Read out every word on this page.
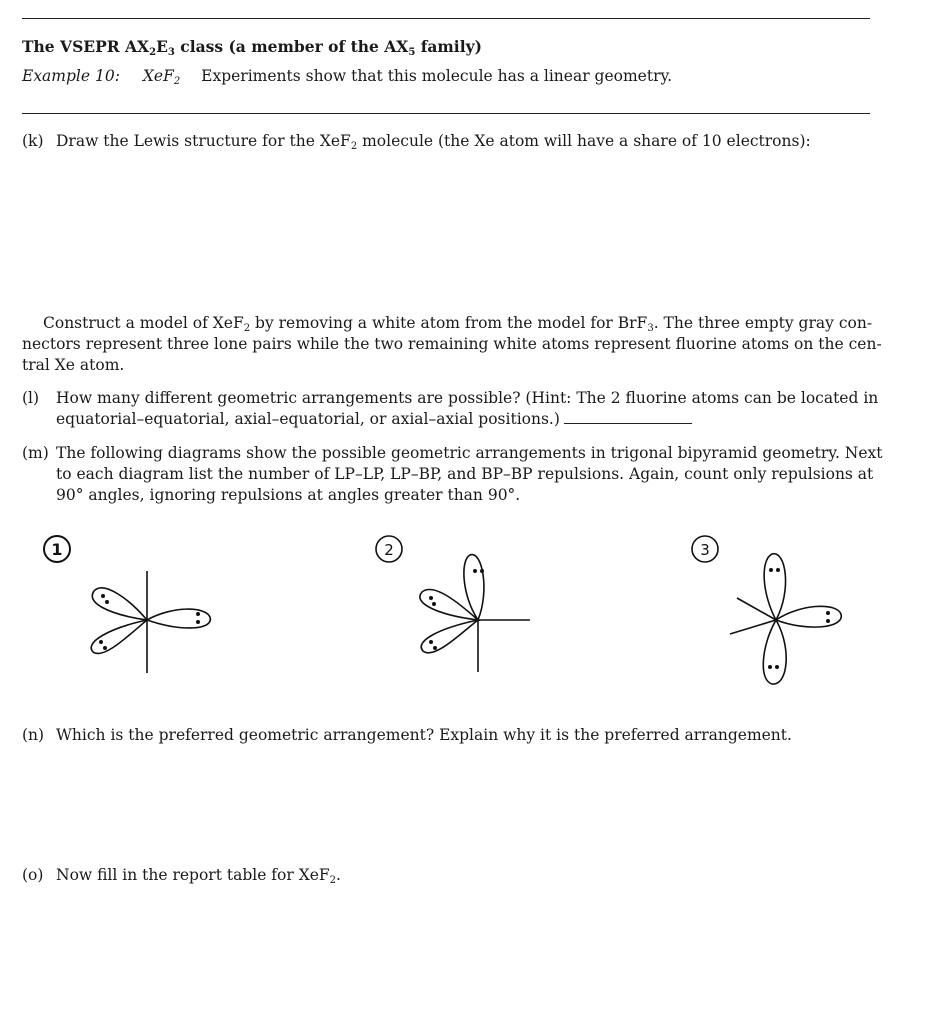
The VSEPR $AX_2E_3$ class (a member of the $AX_5$ family)
Example 10: XeF$_2$ Experiments show that this molecule has a linear geometry.
(k) Draw the Lewis structure for the XeF$_2$ molecule (the Xe atom will have a share of 10 electrons):
Construct a model of XeF$_2$ by removing a white atom from the model for BrF$_3$. The three empty gray con-
nectors represent three lone pairs while the two remaining white atoms represent fluorine atoms on the cen-
tral Xe atom.
(l) How many different geometric arrangements are possible? (Hint: The 2 fluorine atoms can be located in
equatorial–equatorial, axial–equatorial, or axial–axial positions.)
(m) The following diagrams show the possible geometric arrangements in trigonal bipyramid geometry. Next
to each diagram list the number of LP–LP, LP–BP, and BP–BP repulsions. Again, count only repulsions at
90° angles, ignoring repulsions at angles greater than 90°.
1	2	3
(n) Which is the preferred geometric arrangement? Explain why it is the preferred arrangement.
(o) Now fill in the report table for XeF$_2$.
